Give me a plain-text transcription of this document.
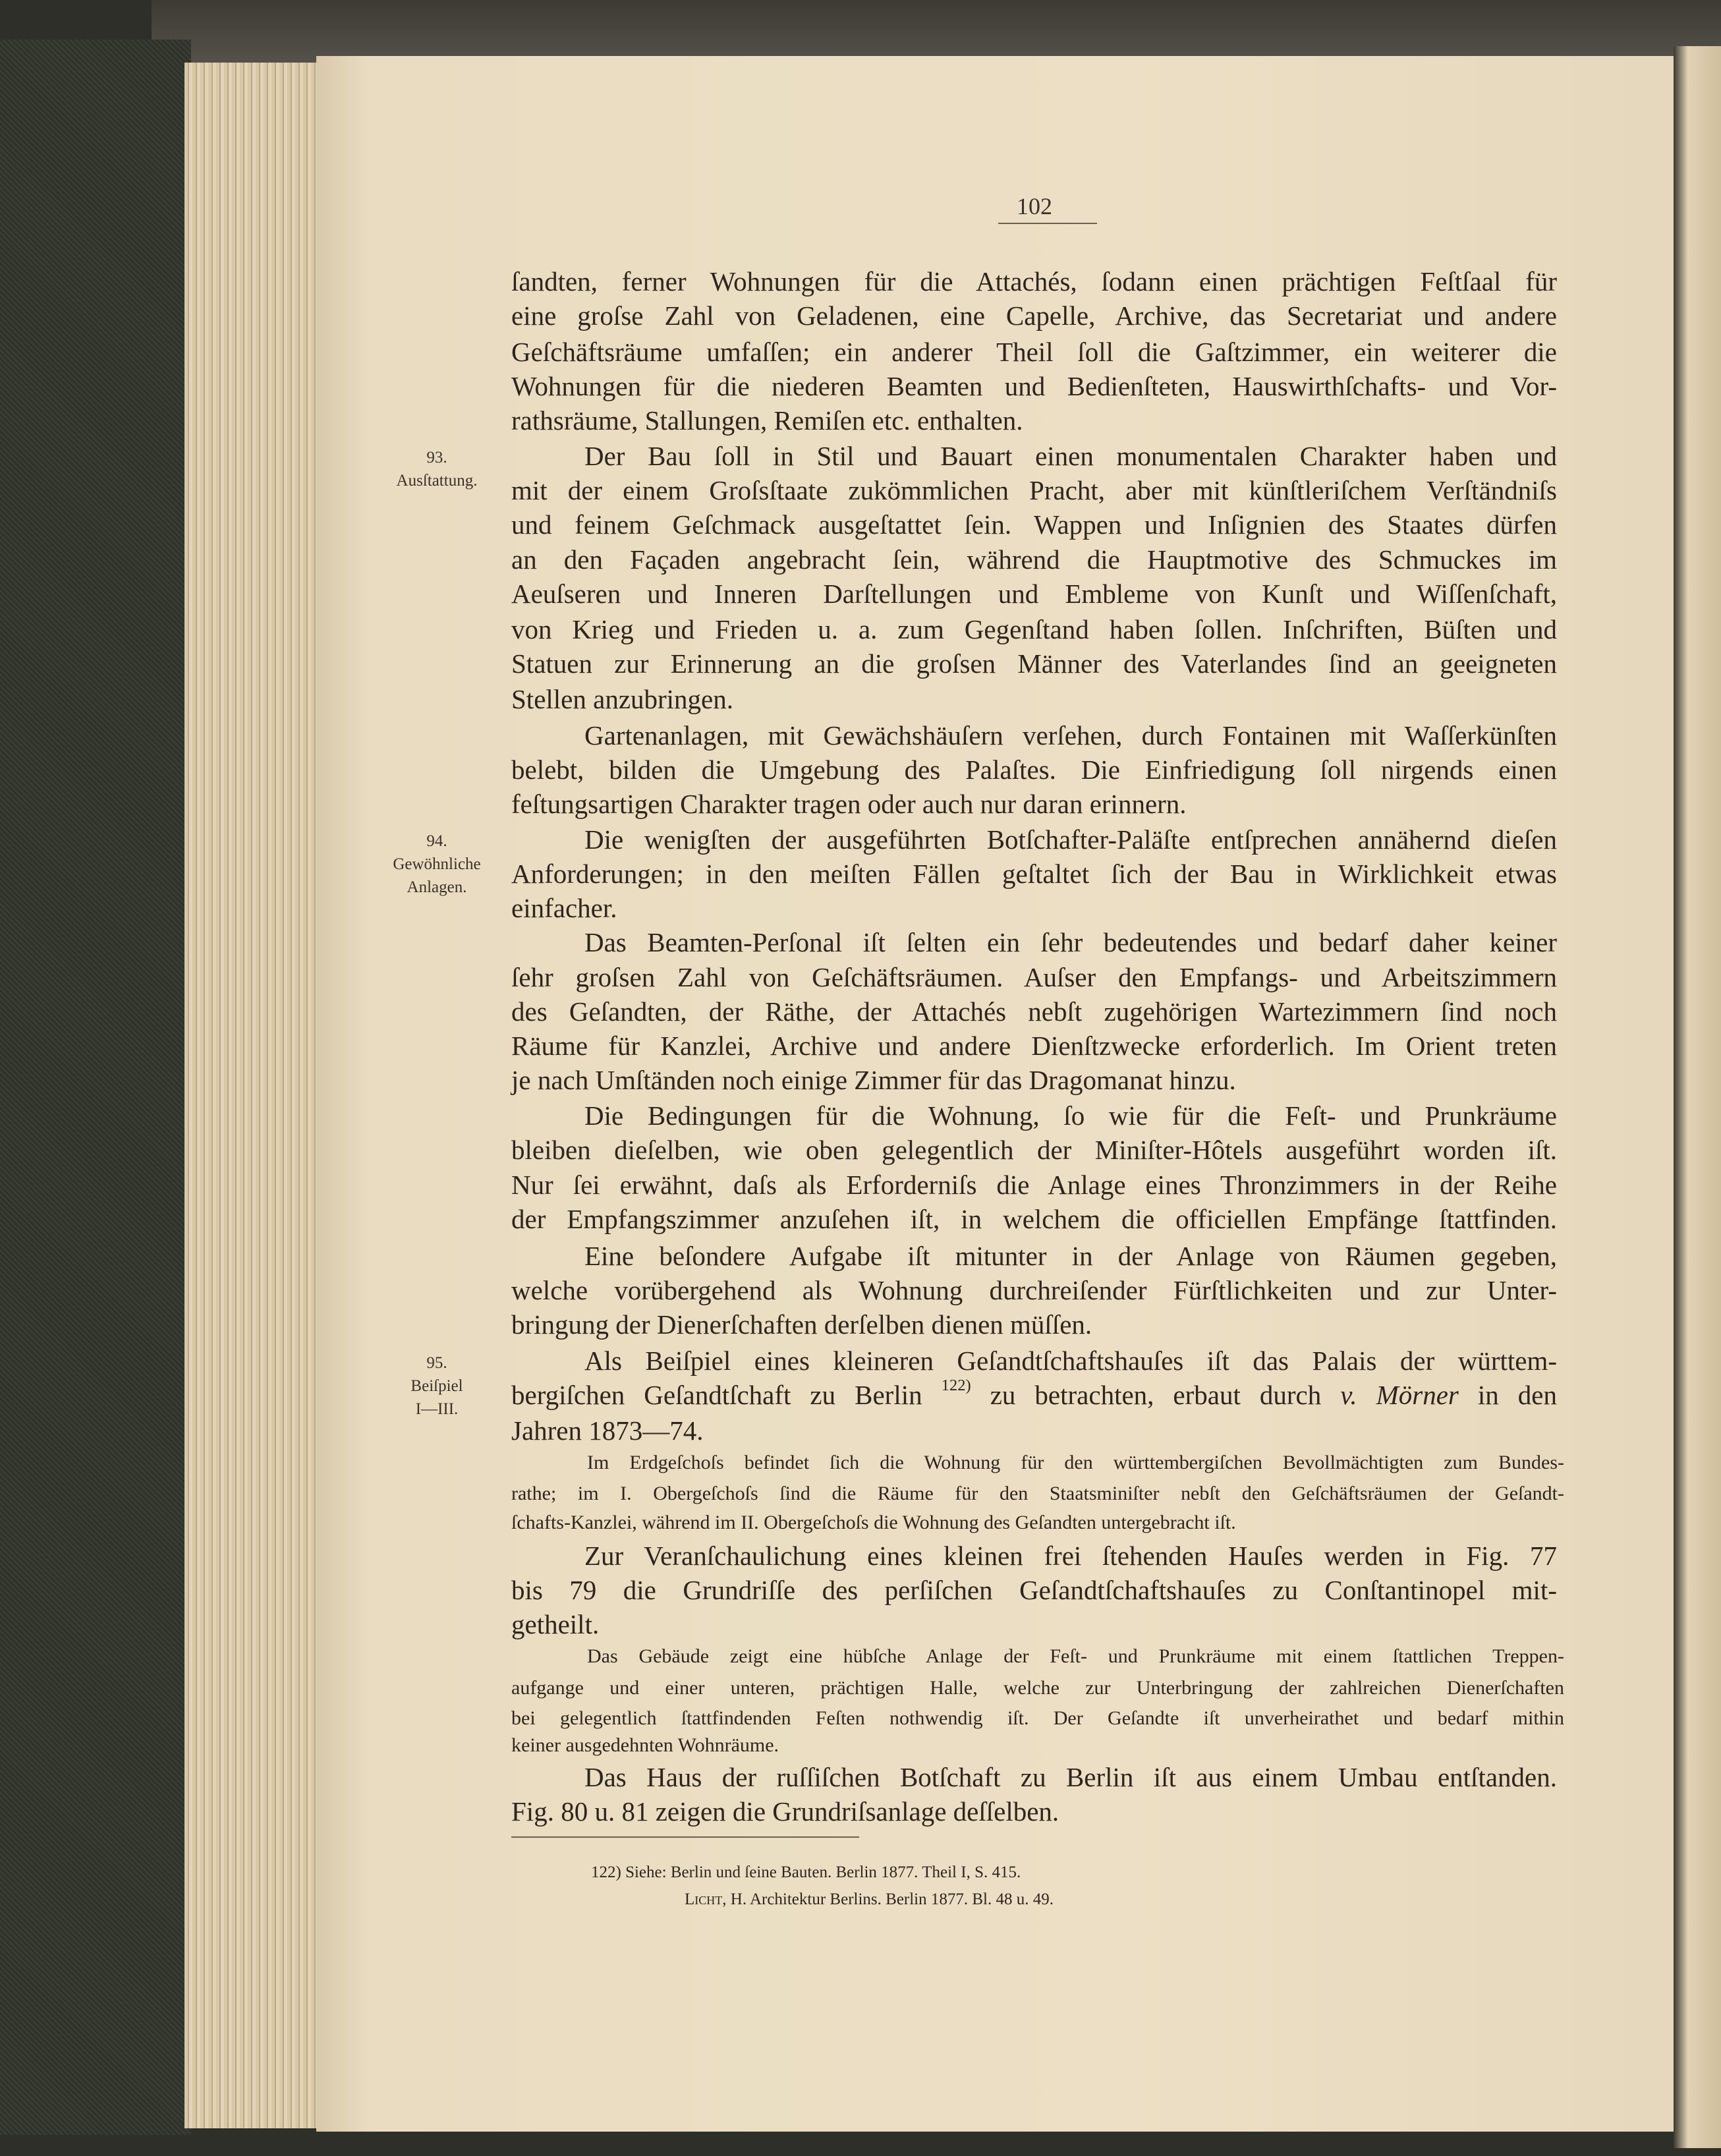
102
93.
Ausſtattung.
94.
Gewöhnliche
Anlagen.
95.
Beiſpiel
I—III.
ſandten, ferner Wohnungen für die Attachés, ſodann einen prächtigen Feſtſaal für
eine groſse Zahl von Geladenen, eine Capelle, Archive, das Secretariat und andere
Geſchäftsräume umfaſſen; ein anderer Theil ſoll die Gaſtzimmer, ein weiterer die
Wohnungen für die niederen Beamten und Bedienſteten, Hauswirthſchafts- und Vor-
rathsräume, Stallungen, Remiſen etc. enthalten.
Der Bau ſoll in Stil und Bauart einen monumentalen Charakter haben und
mit der einem Groſsſtaate zukömmlichen Pracht, aber mit künſtleriſchem Verſtändniſs
und feinem Geſchmack ausgeſtattet ſein. Wappen und Inſignien des Staates dürfen
an den Façaden angebracht ſein, während die Hauptmotive des Schmuckes im
Aeuſseren und Inneren Darſtellungen und Embleme von Kunſt und Wiſſenſchaft,
von Krieg und Frieden u. a. zum Gegenſtand haben ſollen. Inſchriften, Büſten und
Statuen zur Erinnerung an die groſsen Männer des Vaterlandes ſind an geeigneten
Stellen anzubringen.
Gartenanlagen, mit Gewächshäuſern verſehen, durch Fontainen mit Waſſerkünſten
belebt, bilden die Umgebung des Palaſtes. Die Einfriedigung ſoll nirgends einen
feſtungsartigen Charakter tragen oder auch nur daran erinnern.
Die wenigſten der ausgeführten Botſchafter-Paläſte entſprechen annähernd dieſen
Anforderungen; in den meiſten Fällen geſtaltet ſich der Bau in Wirklichkeit etwas
einfacher.
Das Beamten-Perſonal iſt ſelten ein ſehr bedeutendes und bedarf daher keiner
ſehr groſsen Zahl von Geſchäftsräumen. Auſser den Empfangs- und Arbeitszimmern
des Geſandten, der Räthe, der Attachés nebſt zugehörigen Wartezimmern ſind noch
Räume für Kanzlei, Archive und andere Dienſtzwecke erforderlich. Im Orient treten
je nach Umſtänden noch einige Zimmer für das Dragomanat hinzu.
Die Bedingungen für die Wohnung, ſo wie für die Feſt- und Prunkräume
bleiben dieſelben, wie oben gelegentlich der Miniſter-Hôtels ausgeführt worden iſt.
Nur ſei erwähnt, daſs als Erforderniſs die Anlage eines Thronzimmers in der Reihe
der Empfangszimmer anzuſehen iſt, in welchem die officiellen Empfänge ſtattfinden.
Eine beſondere Aufgabe iſt mitunter in der Anlage von Räumen gegeben,
welche vorübergehend als Wohnung durchreiſender Fürſtlichkeiten und zur Unter-
bringung der Dienerſchaften derſelben dienen müſſen.
Als Beiſpiel eines kleineren Geſandtſchaftshauſes iſt das Palais der württem-
bergiſchen Geſandtſchaft zu Berlin $^{122)}$ zu betrachten, erbaut durch v. Mörner in den
Jahren 1873—74.
Im Erdgeſchoſs befindet ſich die Wohnung für den württembergiſchen Bevollmächtigten zum Bundes-
rathe; im I. Obergeſchoſs ſind die Räume für den Staatsminiſter nebſt den Geſchäftsräumen der Geſandt-
ſchafts-Kanzlei, während im II. Obergeſchoſs die Wohnung des Geſandten untergebracht iſt.
Zur Veranſchaulichung eines kleinen frei ſtehenden Hauſes werden in Fig. 77
bis 79 die Grundriſſe des perſiſchen Geſandtſchaftshauſes zu Conſtantinopel mit-
getheilt.
Das Gebäude zeigt eine hübſche Anlage der Feſt- und Prunkräume mit einem ſtattlichen Treppen-
aufgange und einer unteren, prächtigen Halle, welche zur Unterbringung der zahlreichen Dienerſchaften
bei gelegentlich ſtattfindenden Feſten nothwendig iſt. Der Geſandte iſt unverheirathet und bedarf mithin
keiner ausgedehnten Wohnräume.
Das Haus der ruſſiſchen Botſchaft zu Berlin iſt aus einem Umbau entſtanden.
Fig. 80 u. 81 zeigen die Grundriſsanlage deſſelben.
122) Siehe: Berlin und ſeine Bauten. Berlin 1877. Theil I, S. 415.
Licht, H. Architektur Berlins. Berlin 1877. Bl. 48 u. 49.
